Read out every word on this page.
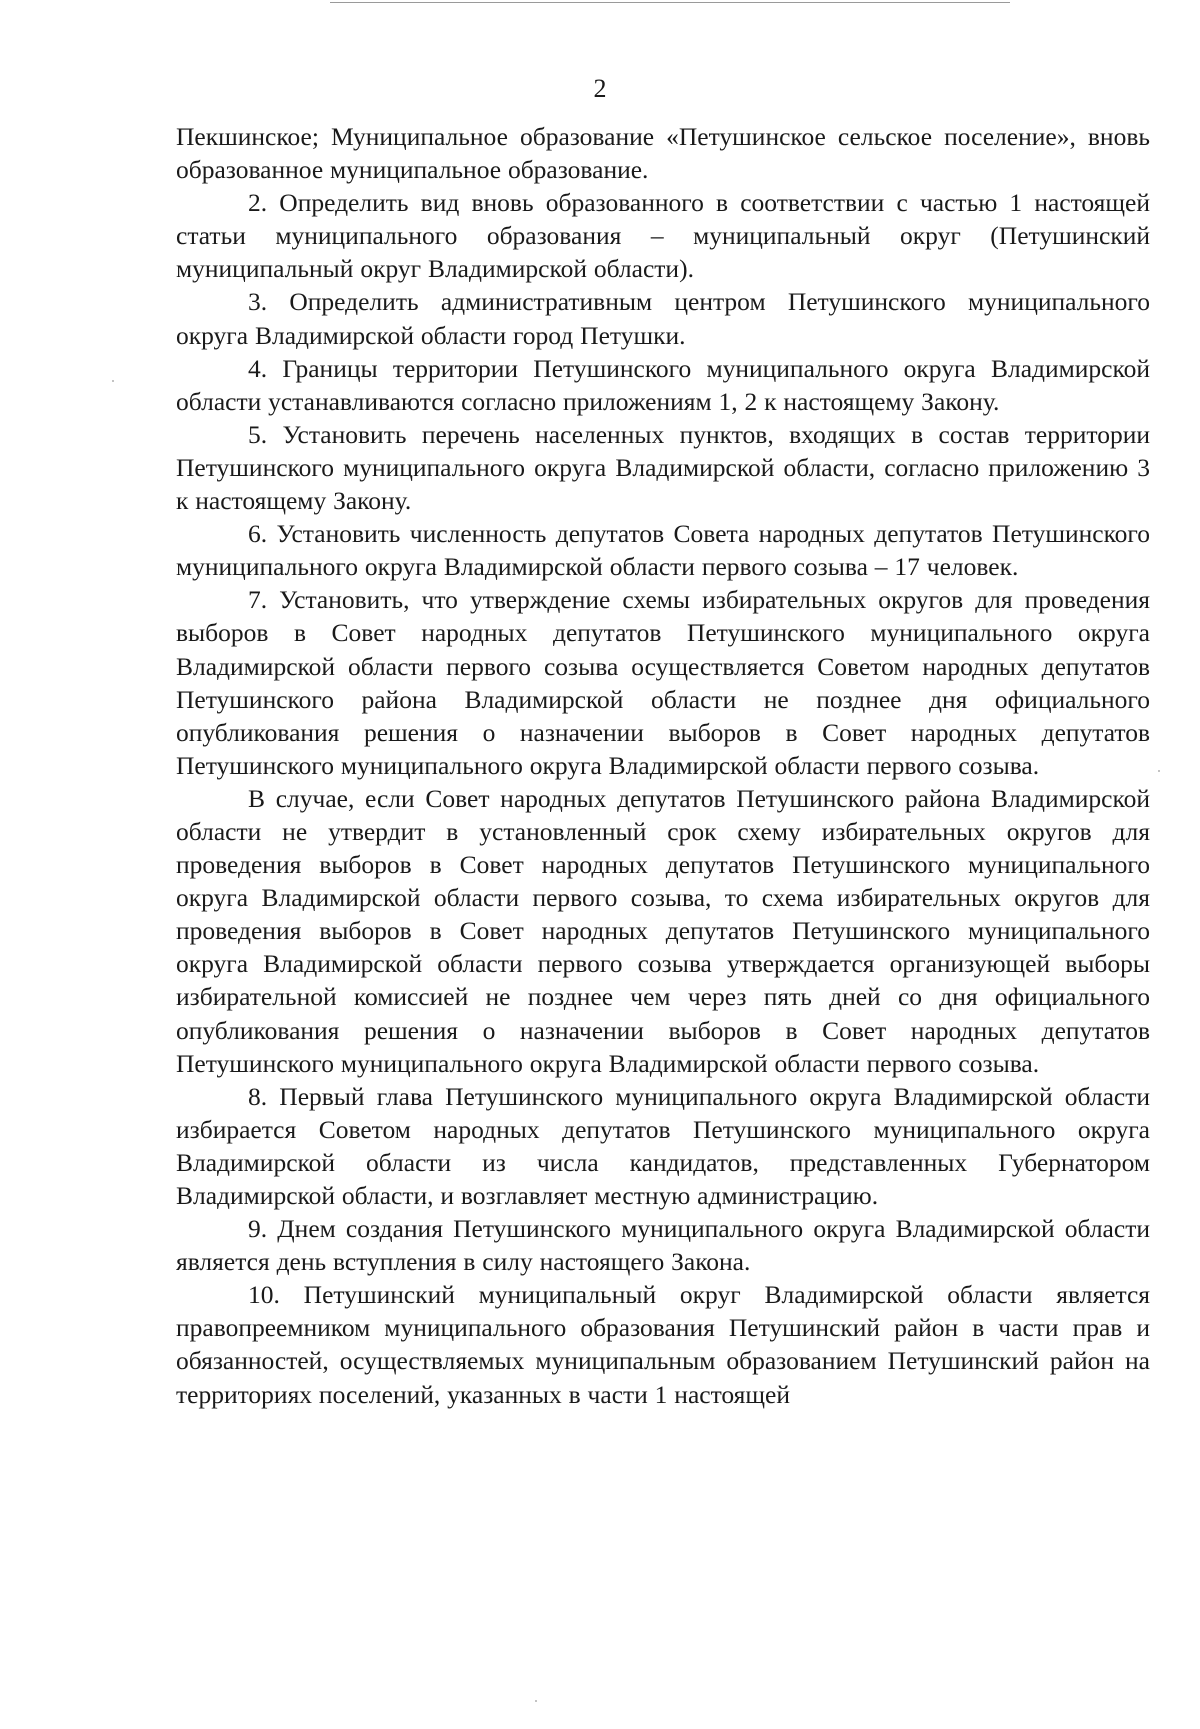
2

Пекшинское; Муниципальное образование «Петушинское сельское поселение», вновь образованное муниципальное образование.

2. Определить вид вновь образованного в соответствии с частью 1 настоящей статьи муниципального образования – муниципальный округ (Петушинский муниципальный округ Владимирской области).

3. Определить административным центром Петушинского муниципального округа Владимирской области город Петушки.

4. Границы территории Петушинского муниципального округа Владимирской области устанавливаются согласно приложениям 1, 2 к настоящему Закону.

5. Установить перечень населенных пунктов, входящих в состав территории Петушинского муниципального округа Владимирской области, согласно приложению 3 к настоящему Закону.

6. Установить численность депутатов Совета народных депутатов Петушинского муниципального округа Владимирской области первого созыва – 17 человек.

7. Установить, что утверждение схемы избирательных округов для проведения выборов в Совет народных депутатов Петушинского муниципального округа Владимирской области первого созыва осуществляется Советом народных депутатов Петушинского района Владимирской области не позднее дня официального опубликования решения о назначении выборов в Совет народных депутатов Петушинского муниципального округа Владимирской области первого созыва.

В случае, если Совет народных депутатов Петушинского района Владимирской области не утвердит в установленный срок схему избирательных округов для проведения выборов в Совет народных депутатов Петушинского муниципального округа Владимирской области первого созыва, то схема избирательных округов для проведения выборов в Совет народных депутатов Петушинского муниципального округа Владимирской области первого созыва утверждается организующей выборы избирательной комиссией не позднее чем через пять дней со дня официального опубликования решения о назначении выборов в Совет народных депутатов Петушинского муниципального округа Владимирской области первого созыва.

8. Первый глава Петушинского муниципального округа Владимирской области избирается Советом народных депутатов Петушинского муниципального округа Владимирской области из числа кандидатов, представленных Губернатором Владимирской области, и возглавляет местную администрацию.

9. Днем создания Петушинского муниципального округа Владимирской области является день вступления в силу настоящего Закона.

10. Петушинский муниципальный округ Владимирской области является правопреемником муниципального образования Петушинский район в части прав и обязанностей, осуществляемых муниципальным образованием Петушинский район на территориях поселений, указанных в части 1 настоящей
